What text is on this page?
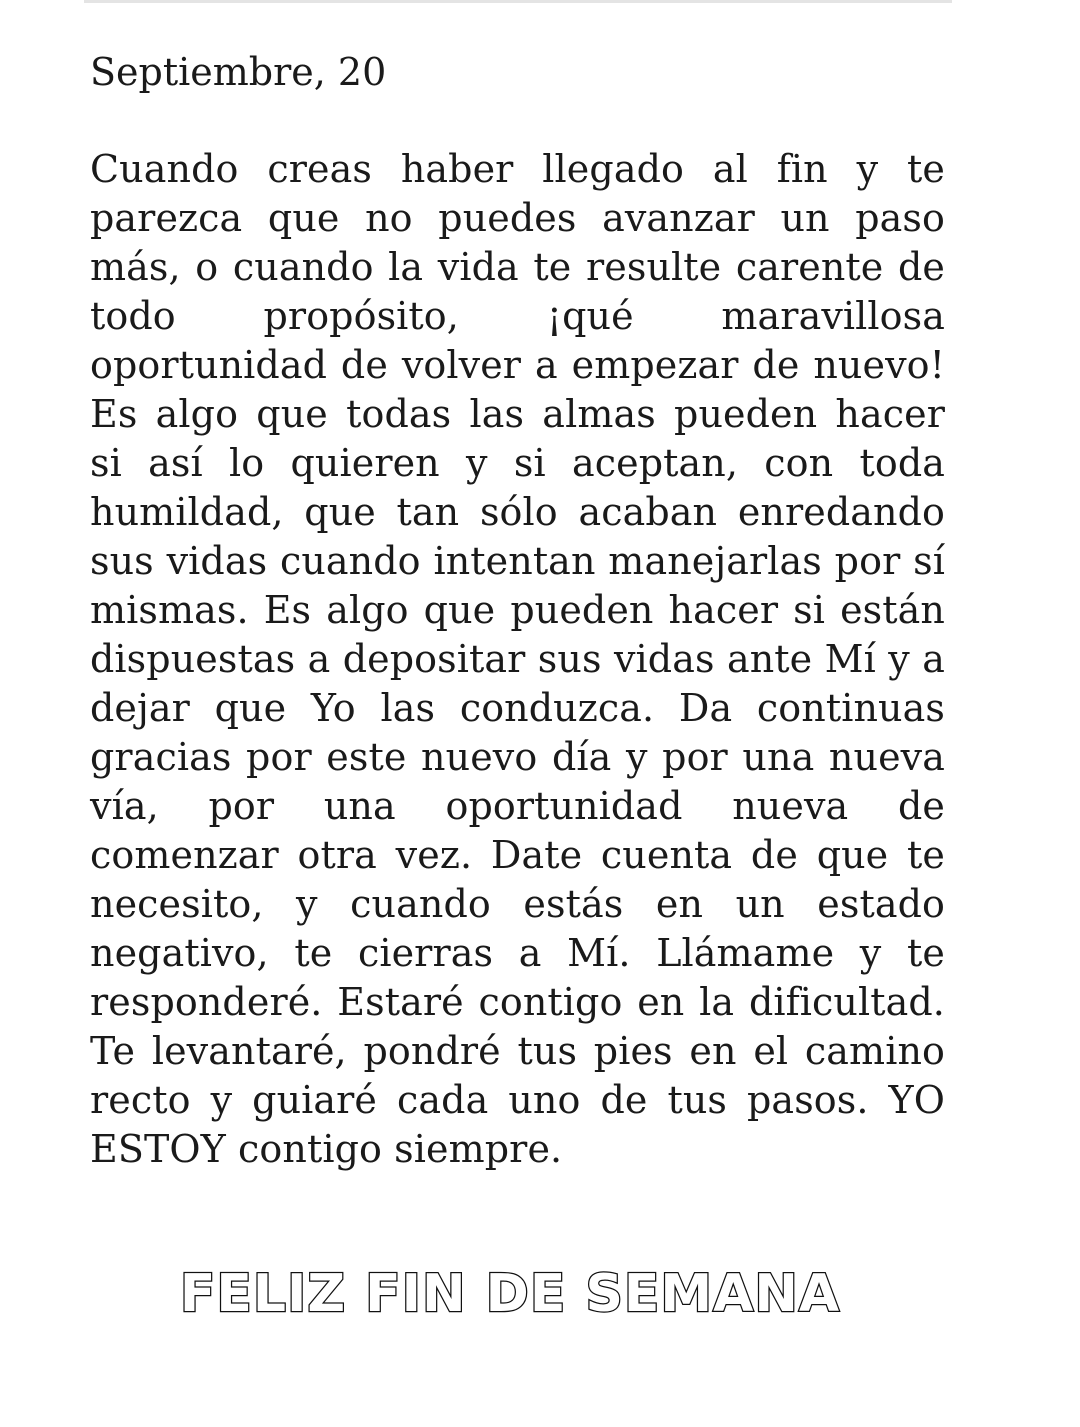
Septiembre, 20

Cuando creas haber llegado al fin y te parezca que no puedes avanzar un paso más, o cuando la vida te resulte carente de todo propósito, ¡qué maravillosa oportunidad de volver a empezar de nuevo! Es algo que todas las almas pueden hacer si así lo quieren y si aceptan, con toda humildad, que tan sólo acaban enredando sus vidas cuando intentan manejarlas por sí mismas. Es algo que pueden hacer si están dispuestas a depositar sus vidas ante Mí y a dejar que Yo las conduzca. Da continuas gracias por este nuevo día y por una nueva vía, por una oportunidad nueva de comenzar otra vez. Date cuenta de que te necesito, y cuando estás en un estado negativo, te cierras a Mí. Llámame y te responderé. Estaré contigo en la dificultad. Te levantaré, pondré tus pies en el camino recto y guiaré cada uno de tus pasos. YO ESTOY contigo siempre.

FELIZ FIN DE SEMANA
